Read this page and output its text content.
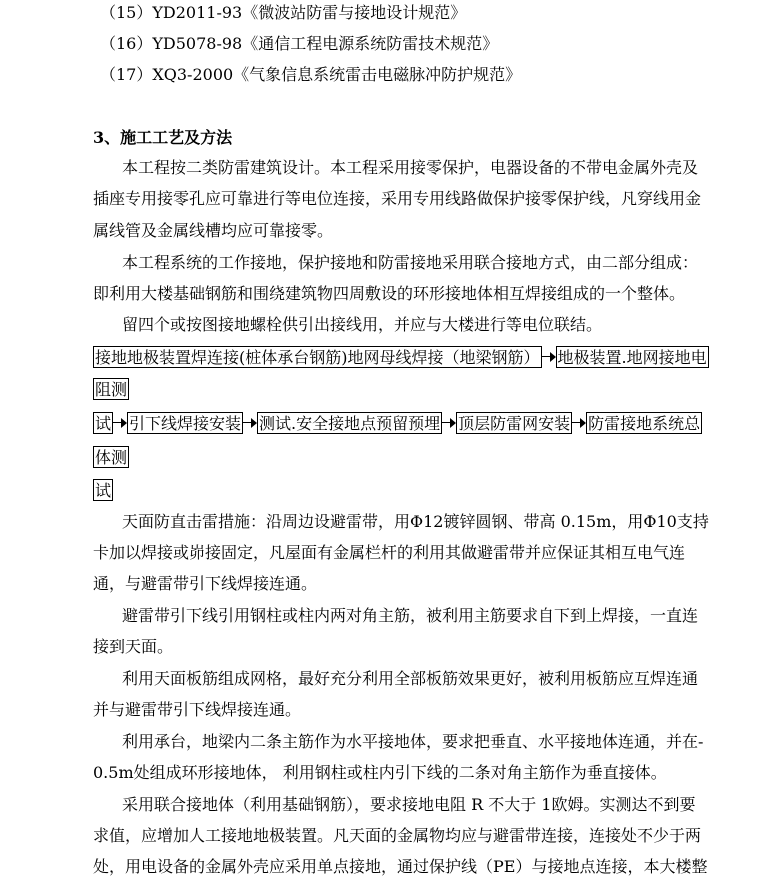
（15）YD2011-93《微波站防雷与接地设计规范》
（16）YD5078-98《通信工程电源系统防雷技术规范》
（17）XQ3-2000《气象信息系统雷击电磁脉冲防护规范》
3、施工工艺及方法
本工程按二类防雷建筑设计。本工程采用接零保护，电器设备的不带电金属外壳及
插座专用接零孔应可靠进行等电位连接，采用专用线路做保护接零保护线，凡穿线用金
属线管及金属线槽均应可靠接零。
本工程系统的工作接地，保护接地和防雷接地采用联合接地方式，由二部分组成：
即利用大楼基础钢筋和围绕建筑物四周敷设的环形接地体相互焊接组成的一个整体。
留四个或按图接地螺栓供引出接线用，并应与大楼进行等电位联结。
接地地极装置焊连接(桩体承台钢筋)地网母线焊接（地梁钢筋） 地极装置.地网接地电
阻测
试 引下线焊接安装 测试.安全接地点预留预埋 顶层防雷网安装 防雷接地系统总
体测
试
天面防直击雷措施：沿周边设避雷带，用Φ12镀锌圆钢、带高 0.15m，用Φ10支持
卡加以焊接或峁接固定，凡屋面有金属栏杆的利用其做避雷带并应保证其相互电气连
通，与避雷带引下线焊接连通。
避雷带引下线引用钢柱或柱内两对角主筋，被利用主筋要求自下到上焊接，一直连
接到天面。
利用天面板筋组成网格，最好充分利用全部板筋效果更好，被利用板筋应互焊连通
并与避雷带引下线焊接连通。
利用承台，地梁内二条主筋作为水平接地体，要求把垂直、水平接地体连通，并在-
0.5m处组成环形接地体， 利用钢柱或柱内引下线的二条对角主筋作为垂直接体。
采用联合接地体（利用基础钢筋），要求接地电阻 R 不大于 1欧姆。实测达不到要
求值，应增加人工接地地极装置。凡天面的金属物均应与避雷带连接，连接处不少于两
处，用电设备的金属外壳应采用单点接地，通过保护线（PE）与接地点连接，本大楼整
